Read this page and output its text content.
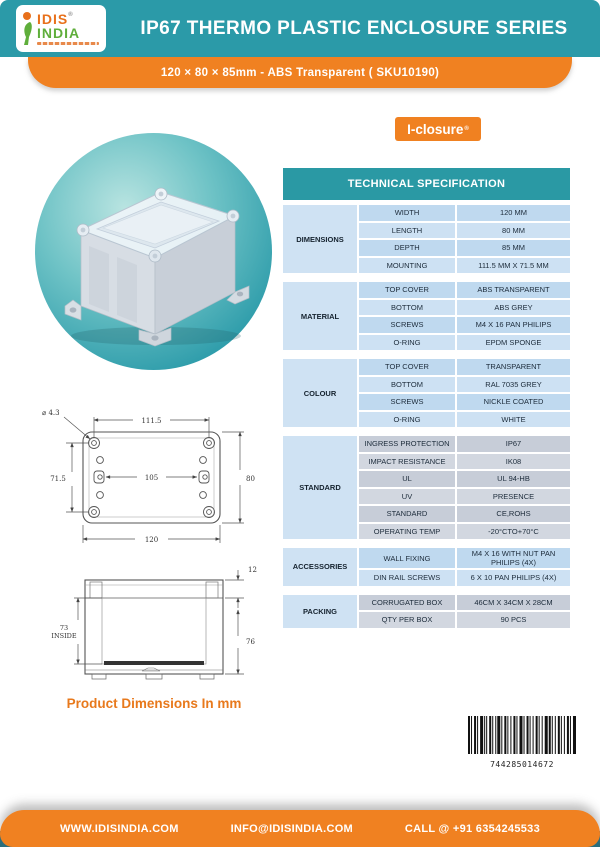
IDIS®
INDIA	IP67 THERMO PLASTIC ENCLOSURE SERIES
120 × 80 × 85mm - ABS Transparent ( SKU10190)
I-closure ®
TECHNICAL SPECIFICATION
DIMENSIONS
WIDTH	120 MM
LENGTH	80 MM
DEPTH	85 MM
MOUNTING	111.5 MM X 71.5 MM
MATERIAL
TOP COVER	ABS TRANSPARENT
BOTTOM	ABS GREY
SCREWS	M4 X 16 PAN PHILIPS
O-RING	EPDM SPONGE
COLOUR
TOP COVER	TRANSPARENT
BOTTOM	RAL 7035 GREY
SCREWS	NICKLE COATED
O-RING	WHITE
STANDARD
INGRESS PROTECTION	IP67
IMPACT RESISTANCE	IK08
UL	UL 94-HB
UV	PRESENCE
STANDARD	CE,ROHS
OPERATING TEMP	-20°CTO+70°C
ACCESSORIES
WALL FIXING	M4 X 16 WITH NUT PAN PHILIPS (4X)
DIN RAIL SCREWS	6 X 10 PAN PHILIPS (4X)
PACKING
CORRUGATED BOX	46CM X 34CM X 28CM
QTY PER BOX	90 PCS
111.5
⌀ 4.3
71.5	105	80
120
12
76
73
INSIDE
Product Dimensions In mm
744285014672
WWW.IDISINDIA.COM	INFO@IDISINDIA.COM	CALL @ +91 6354245533
